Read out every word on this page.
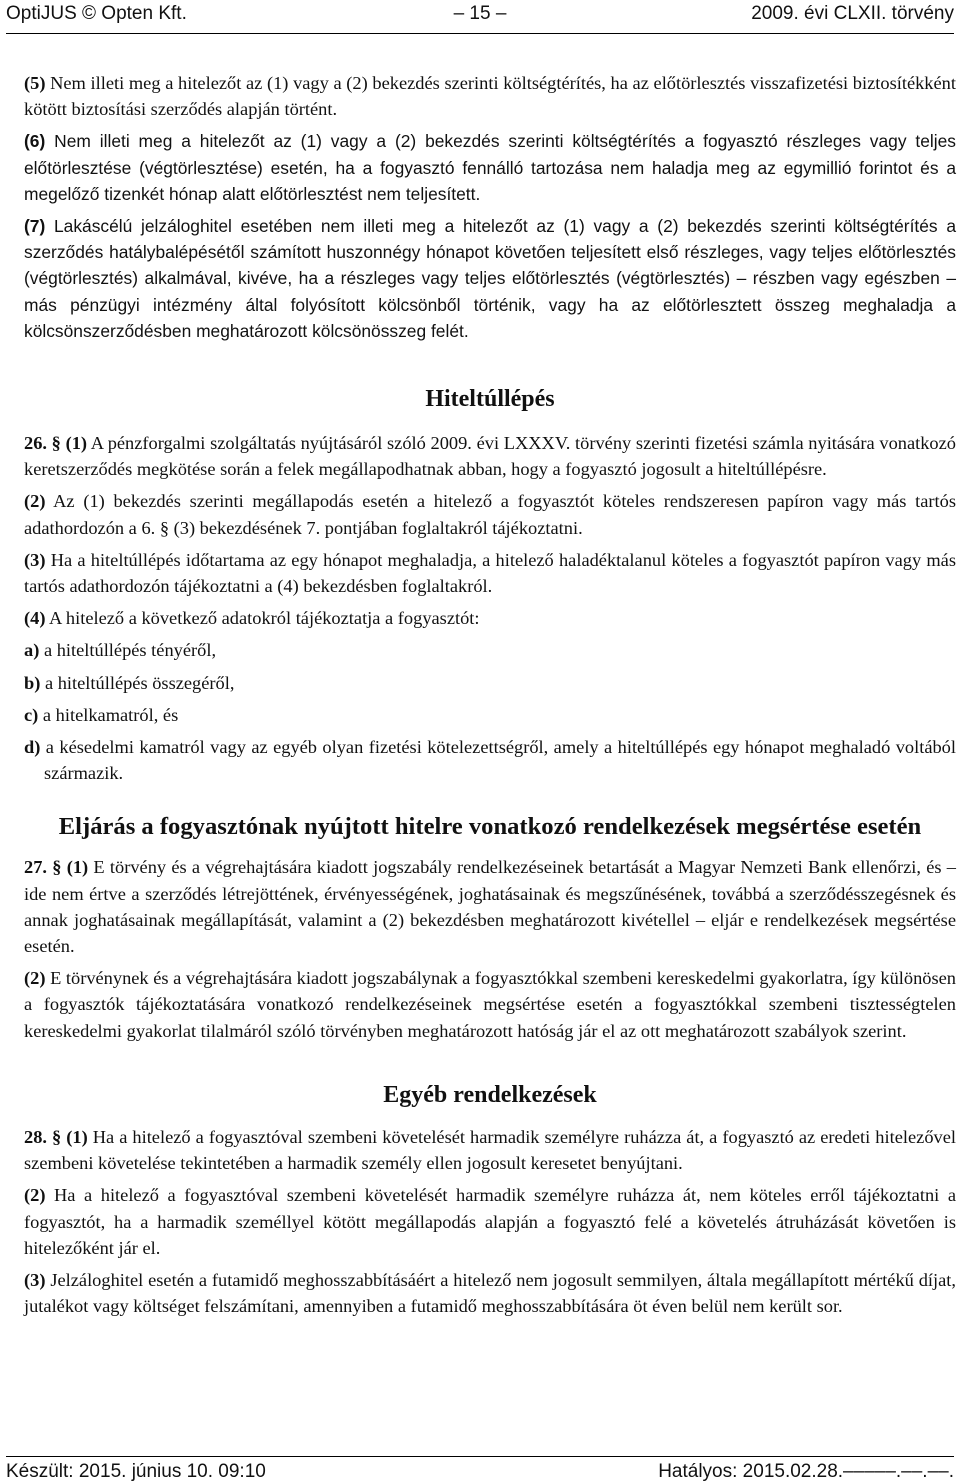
OptiJUS © Opten Kft.	– 15 –	2009. évi CLXII. törvény

(5) Nem illeti meg a hitelezőt az (1) vagy a (2) bekezdés szerinti költségtérítés, ha az előtörlesztés visszafizetési biztosítékként kötött biztosítási szerződés alapján történt.

(6) Nem illeti meg a hitelezőt az (1) vagy a (2) bekezdés szerinti költségtérítés a fogyasztó részleges vagy teljes előtörlesztése (végtörlesztése) esetén, ha a fogyasztó fennálló tartozása nem haladja meg az egymillió forintot és a megelőző tizenkét hónap alatt előtörlesztést nem teljesített.

(7) Lakáscélú jelzáloghitel esetében nem illeti meg a hitelezőt az (1) vagy a (2) bekezdés szerinti költségtérítés a szerződés hatálybalépésétől számított huszonnégy hónapot követően teljesített első részleges, vagy teljes előtörlesztés (végtörlesztés) alkalmával, kivéve, ha a részleges vagy teljes előtörlesztés (végtörlesztés) – részben vagy egészben – más pénzügyi intézmény által folyósított kölcsönből történik, vagy ha az előtörlesztett összeg meghaladja a kölcsönszerződésben meghatározott kölcsönösszeg felét.

Hiteltúllépés

26. § (1) A pénzforgalmi szolgáltatás nyújtásáról szóló 2009. évi LXXXV. törvény szerinti fizetési számla nyitására vonatkozó keretszerződés megkötése során a felek megállapodhatnak abban, hogy a fogyasztó jogosult a hiteltúllépésre.

(2) Az (1) bekezdés szerinti megállapodás esetén a hitelező a fogyasztót köteles rendszeresen papíron vagy más tartós adathordozón a 6. § (3) bekezdésének 7. pontjában foglaltakról tájékoztatni.

(3) Ha a hiteltúllépés időtartama az egy hónapot meghaladja, a hitelező haladéktalanul köteles a fogyasztót papíron vagy más tartós adathordozón tájékoztatni a (4) bekezdésben foglaltakról.

(4) A hitelező a következő adatokról tájékoztatja a fogyasztót:

a) a hiteltúllépés tényéről,
b) a hiteltúllépés összegéről,
c) a hitelkamatról, és
d) a késedelmi kamatról vagy az egyéb olyan fizetési kötelezettségről, amely a hiteltúllépés egy hónapot meghaladó voltából származik.
Eljárás a fogyasztónak nyújtott hitelre vonatkozó rendelkezések megsértése esetén

27. § (1) E törvény és a végrehajtására kiadott jogszabály rendelkezéseinek betartását a Magyar Nemzeti Bank ellenőrzi, és – ide nem értve a szerződés létrejöttének, érvényességének, joghatásainak és megszűnésének, továbbá a szerződésszegésnek és annak joghatásainak megállapítását, valamint a (2) bekezdésben meghatározott kivétellel – eljár e rendelkezések megsértése esetén.

(2) E törvénynek és a végrehajtására kiadott jogszabálynak a fogyasztókkal szembeni kereskedelmi gyakorlatra, így különösen a fogyasztók tájékoztatására vonatkozó rendelkezéseinek megsértése esetén a fogyasztókkal szembeni tisztességtelen kereskedelmi gyakorlat tilalmáról szóló törvényben meghatározott hatóság jár el az ott meghatározott szabályok szerint.

Egyéb rendelkezések

28. § (1) Ha a hitelező a fogyasztóval szembeni követelését harmadik személyre ruházza át, a fogyasztó az eredeti hitelezővel szembeni követelése tekintetében a harmadik személy ellen jogosult keresetet benyújtani.

(2) Ha a hitelező a fogyasztóval szembeni követelését harmadik személyre ruházza át, nem köteles erről tájékoztatni a fogyasztót, ha a harmadik személlyel kötött megállapodás alapján a fogyasztó felé a követelés átruházását követően is hitelezőként jár el.

(3) Jelzáloghitel esetén a futamidő meghosszabbításáért a hitelező nem jogosult semmilyen, általa megállapított mértékű díjat, jutalékot vagy költséget felszámítani, amennyiben a futamidő meghosszabbítására öt éven belül nem került sor.

Készült: 2015. június 10. 09:10	Hatályos: 2015.02.28.–––––.––.––.
